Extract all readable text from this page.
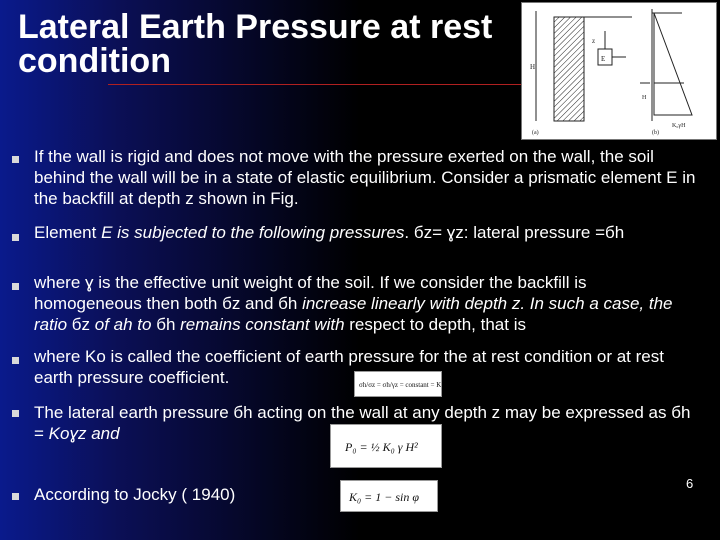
Lateral Earth Pressure at rest condition	E
z
H
(a)
H
K₀γH
(b)
If the wall is rigid and does not move with the pressure exerted on the wall, the soil behind the wall will be in a state of elastic equilibrium. Consider a prismatic element E in the backfill at depth z shown in Fig.
Element E is subjected to the following pressures. бz= ɣz: lateral pressure =бh
where ɣ is the effective unit weight of the soil. If we consider the backfill is homogeneous then both бz and бh increase linearly with depth z. In such a case, the ratio бz of ah to бh remains constant with respect to depth, that is
where Ko is called the coefficient of earth pressure for the at rest condition or at rest earth pressure coefficient.
The lateral earth pressure бh acting on the wall at any depth z may be expressed as бh = Koɣz and
According to Jocky ( 1940)
σh/σz = σh/γz = constant = K₀
P₀ = ½ K₀ γ H²
K₀ = 1 − sin φ
6
